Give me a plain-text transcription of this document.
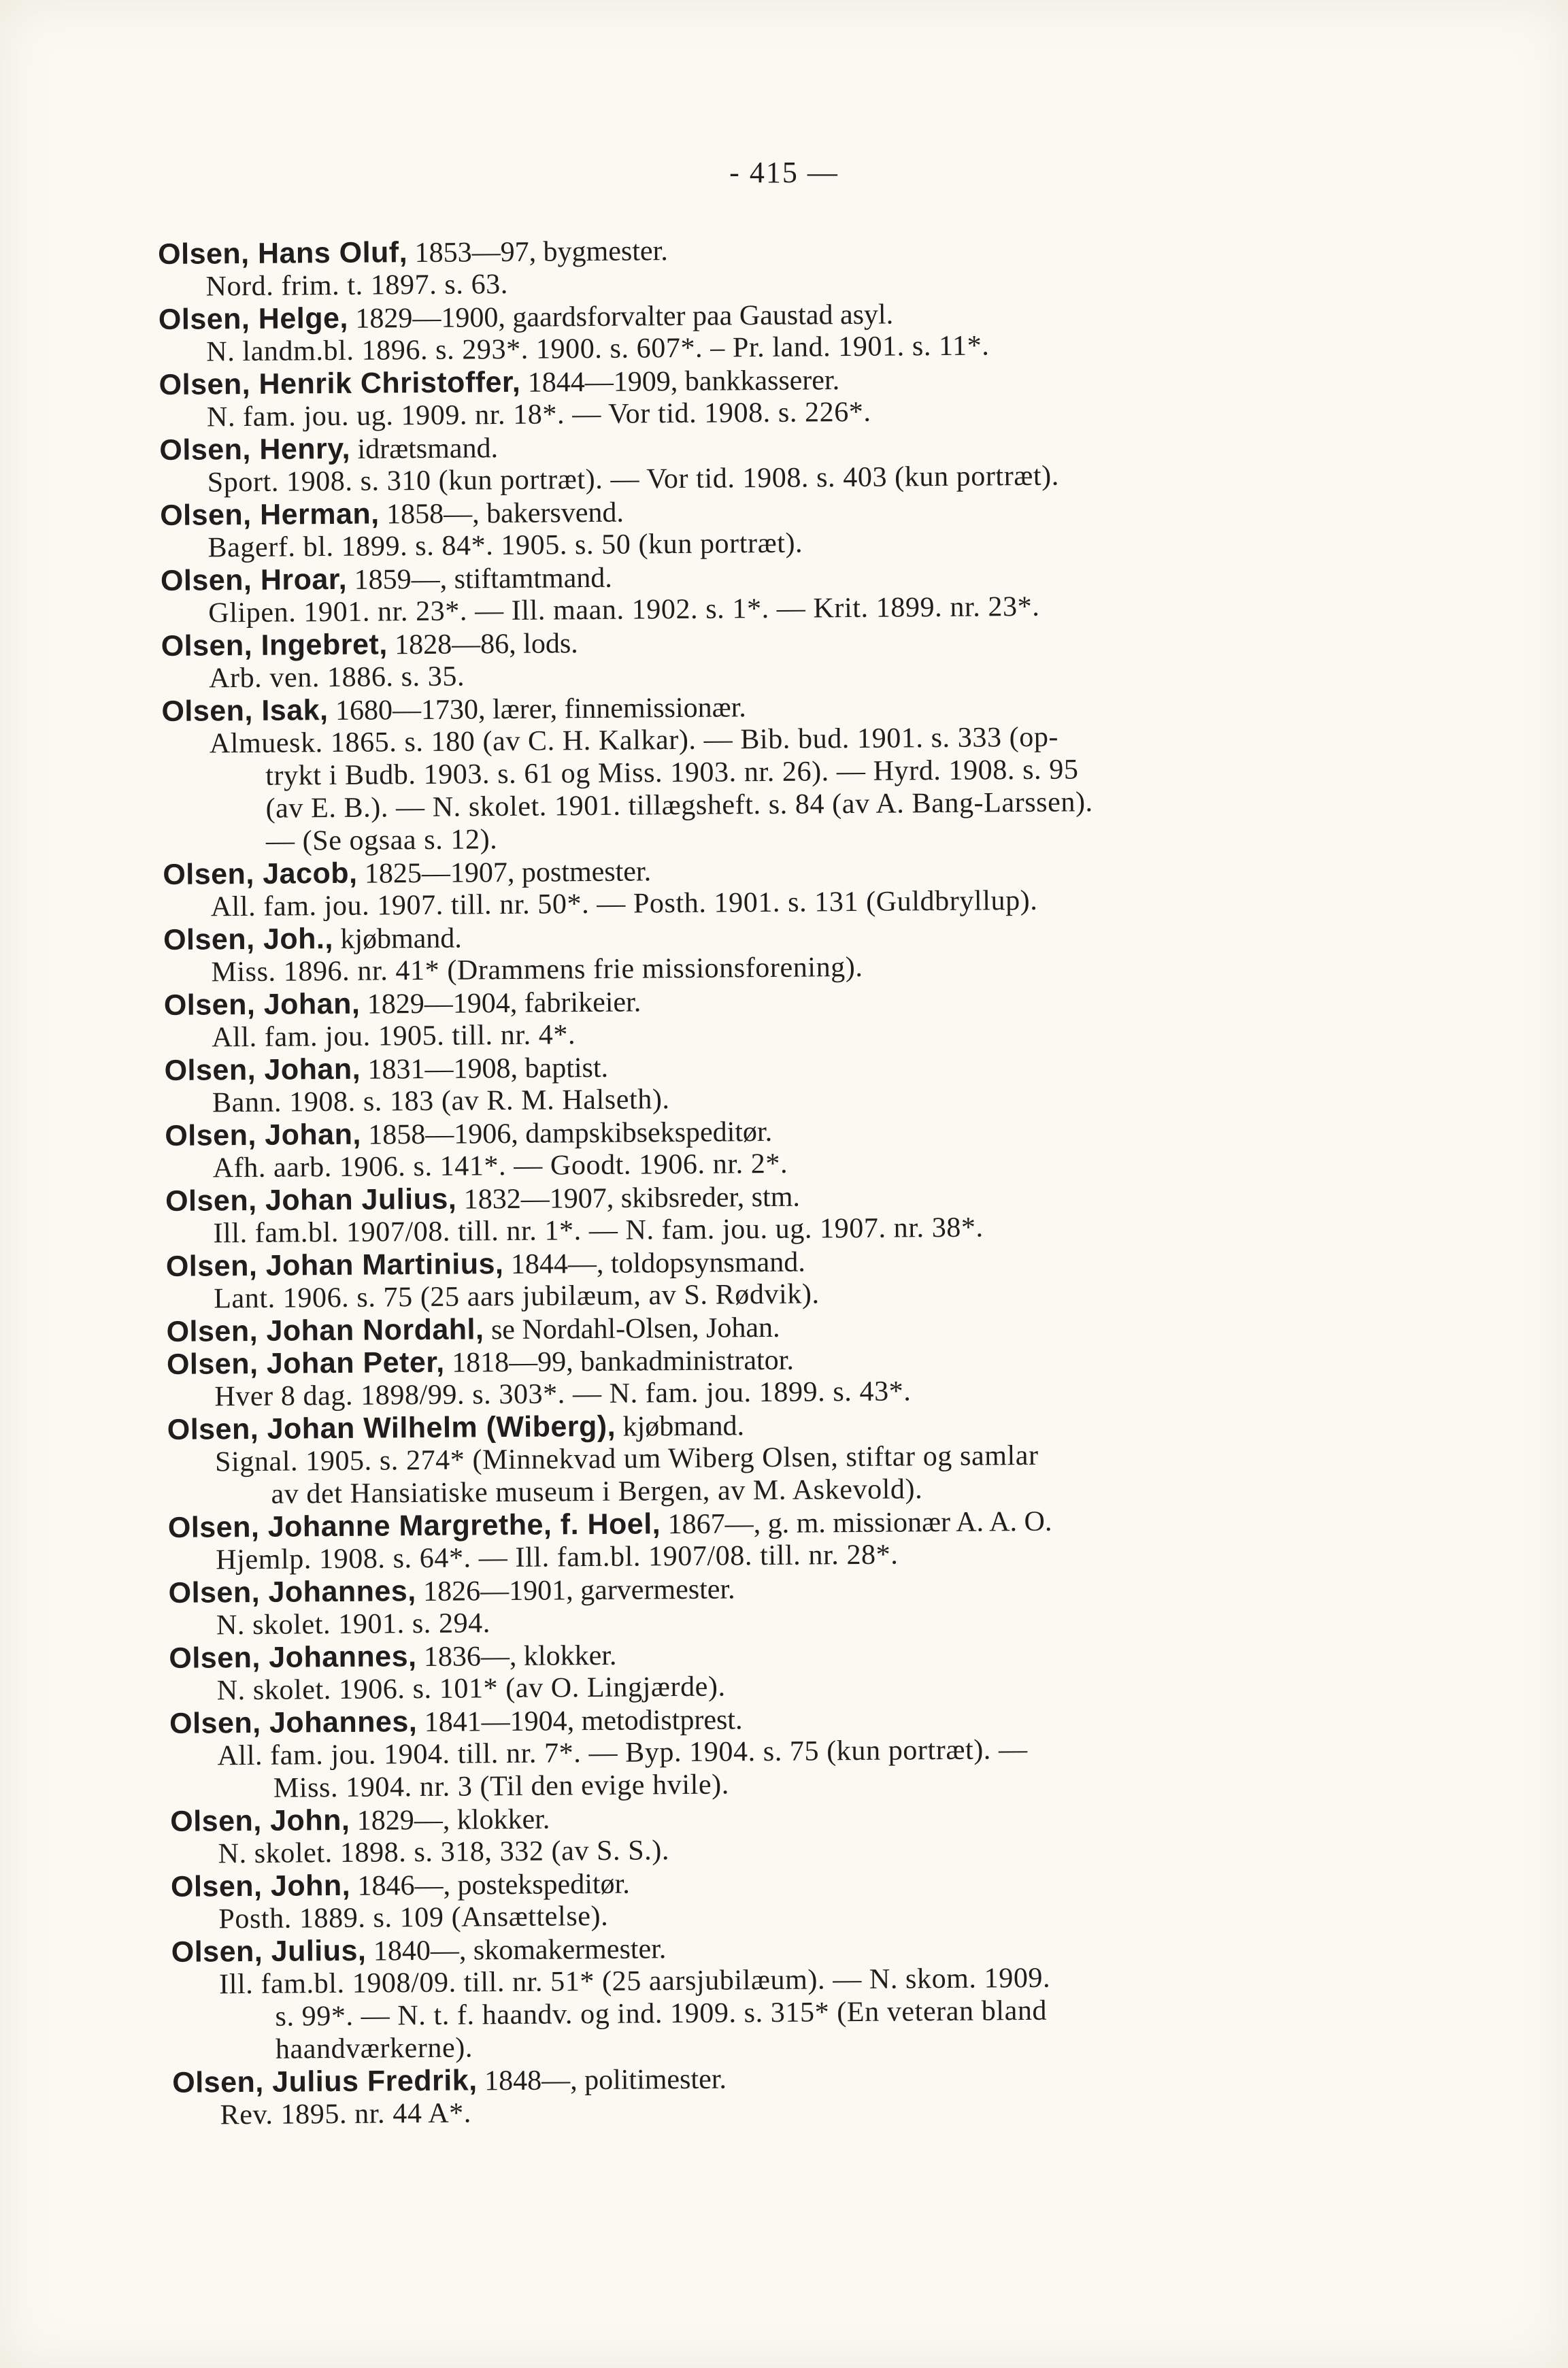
- 415 —
Olsen, Hans Oluf, 1853—97, bygmester.
Nord. frim. t. 1897. s. 63.
Olsen, Helge, 1829—1900, gaardsforvalter paa Gaustad asyl.
N. landm.bl. 1896. s. 293*. 1900. s. 607*. – Pr. land. 1901. s. 11*.
Olsen, Henrik Christoffer, 1844—1909, bankkasserer.
N. fam. jou. ug. 1909. nr. 18*. — Vor tid. 1908. s. 226*.
Olsen, Henry, idrætsmand.
Sport. 1908. s. 310 (kun portræt). — Vor tid. 1908. s. 403 (kun portræt).
Olsen, Herman, 1858—, bakersvend.
Bagerf. bl. 1899. s. 84*. 1905. s. 50 (kun portræt).
Olsen, Hroar, 1859—, stiftamtmand.
Glipen. 1901. nr. 23*. — Ill. maan. 1902. s. 1*. — Krit. 1899. nr. 23*.
Olsen, Ingebret, 1828—86, lods.
Arb. ven. 1886. s. 35.
Olsen, Isak, 1680—1730, lærer, finnemissionær.
Almuesk. 1865. s. 180 (av C. H. Kalkar). — Bib. bud. 1901. s. 333 (op-
trykt i Budb. 1903. s. 61 og Miss. 1903. nr. 26). — Hyrd. 1908. s. 95
(av E. B.). — N. skolet. 1901. tillægsheft. s. 84 (av A. Bang-Larssen).
— (Se ogsaa s. 12).
Olsen, Jacob, 1825—1907, postmester.
All. fam. jou. 1907. till. nr. 50*. — Posth. 1901. s. 131 (Guldbryllup).
Olsen, Joh., kjøbmand.
Miss. 1896. nr. 41* (Drammens frie missionsforening).
Olsen, Johan, 1829—1904, fabrikeier.
All. fam. jou. 1905. till. nr. 4*.
Olsen, Johan, 1831—1908, baptist.
Bann. 1908. s. 183 (av R. M. Halseth).
Olsen, Johan, 1858—1906, dampskibsekspeditør.
Afh. aarb. 1906. s. 141*. — Goodt. 1906. nr. 2*.
Olsen, Johan Julius, 1832—1907, skibsreder, stm.
Ill. fam.bl. 1907/08. till. nr. 1*. — N. fam. jou. ug. 1907. nr. 38*.
Olsen, Johan Martinius, 1844—, toldopsynsmand.
Lant. 1906. s. 75 (25 aars jubilæum, av S. Rødvik).
Olsen, Johan Nordahl, se Nordahl-Olsen, Johan.
Olsen, Johan Peter, 1818—99, bankadministrator.
Hver 8 dag. 1898/99. s. 303*. — N. fam. jou. 1899. s. 43*.
Olsen, Johan Wilhelm (Wiberg), kjøbmand.
Signal. 1905. s. 274* (Minnekvad um Wiberg Olsen, stiftar og samlar
av det Hansiatiske museum i Bergen, av M. Askevold).
Olsen, Johanne Margrethe, f. Hoel, 1867—, g. m. missionær A. A. O.
Hjemlp. 1908. s. 64*. — Ill. fam.bl. 1907/08. till. nr. 28*.
Olsen, Johannes, 1826—1901, garvermester.
N. skolet. 1901. s. 294.
Olsen, Johannes, 1836—, klokker.
N. skolet. 1906. s. 101* (av O. Lingjærde).
Olsen, Johannes, 1841—1904, metodistprest.
All. fam. jou. 1904. till. nr. 7*. — Byp. 1904. s. 75 (kun portræt). —
Miss. 1904. nr. 3 (Til den evige hvile).
Olsen, John, 1829—, klokker.
N. skolet. 1898. s. 318, 332 (av S. S.).
Olsen, John, 1846—, postekspeditør.
Posth. 1889. s. 109 (Ansættelse).
Olsen, Julius, 1840—, skomakermester.
Ill. fam.bl. 1908/09. till. nr. 51* (25 aarsjubilæum). — N. skom. 1909.
s. 99*. — N. t. f. haandv. og ind. 1909. s. 315* (En veteran bland
haandværkerne).
Olsen, Julius Fredrik, 1848—, politimester.
Rev. 1895. nr. 44 A*.
